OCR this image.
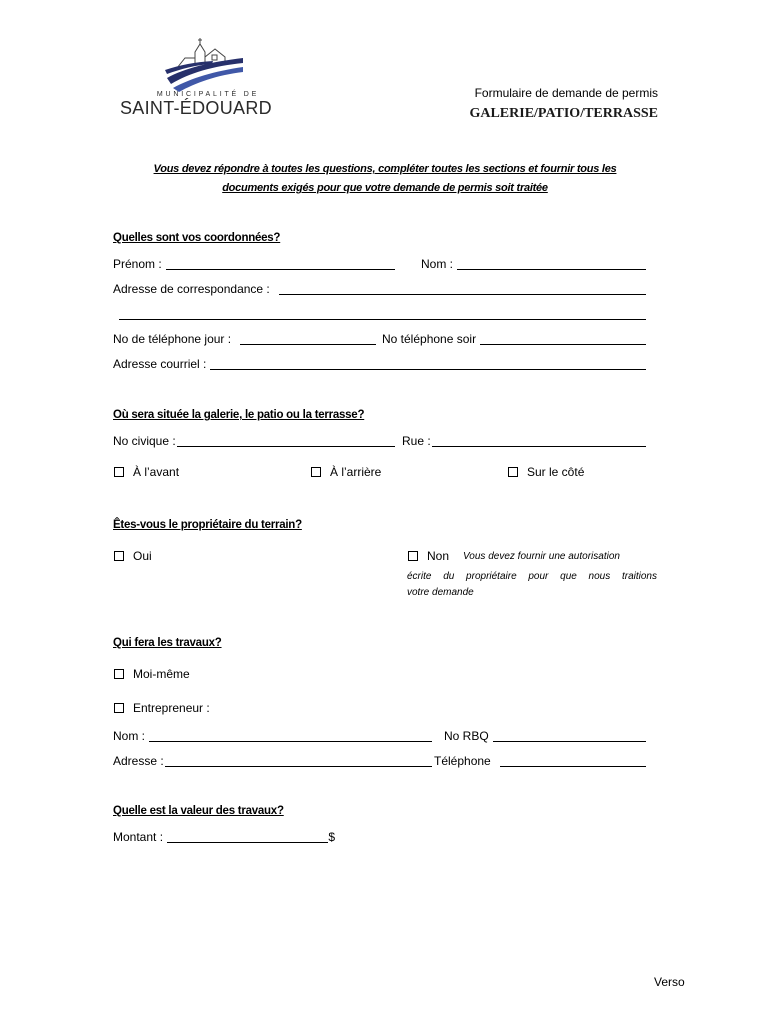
MUNICIPALITÉ DE
SAINT-ÉDOUARD
Formulaire de demande de permis
GALERIE/PATIO/TERRASSE
Vous devez répondre à toutes les questions, compléter toutes les sections et fournir tous les
documents exigés pour que votre demande de permis soit traitée
Quelles sont vos coordonnées?
Prénom :	Nom :
Adresse de correspondance :
No de téléphone jour :	No téléphone soir
Adresse courriel :
Où sera située la galerie, le patio ou la terrasse?
No civique :	Rue :
À l’avant	À l’arrière	Sur le côté
Êtes-vous le propriétaire du terrain?
Oui	Non Vous devez fournir une autorisation
écrite du propriétaire pour que nous traitions
votre demande
Qui fera les travaux?
Moi-même
Entrepreneur :
Nom :	No RBQ
Adresse :	Téléphone
Quelle est la valeur des travaux?
Montant :	$
Verso
